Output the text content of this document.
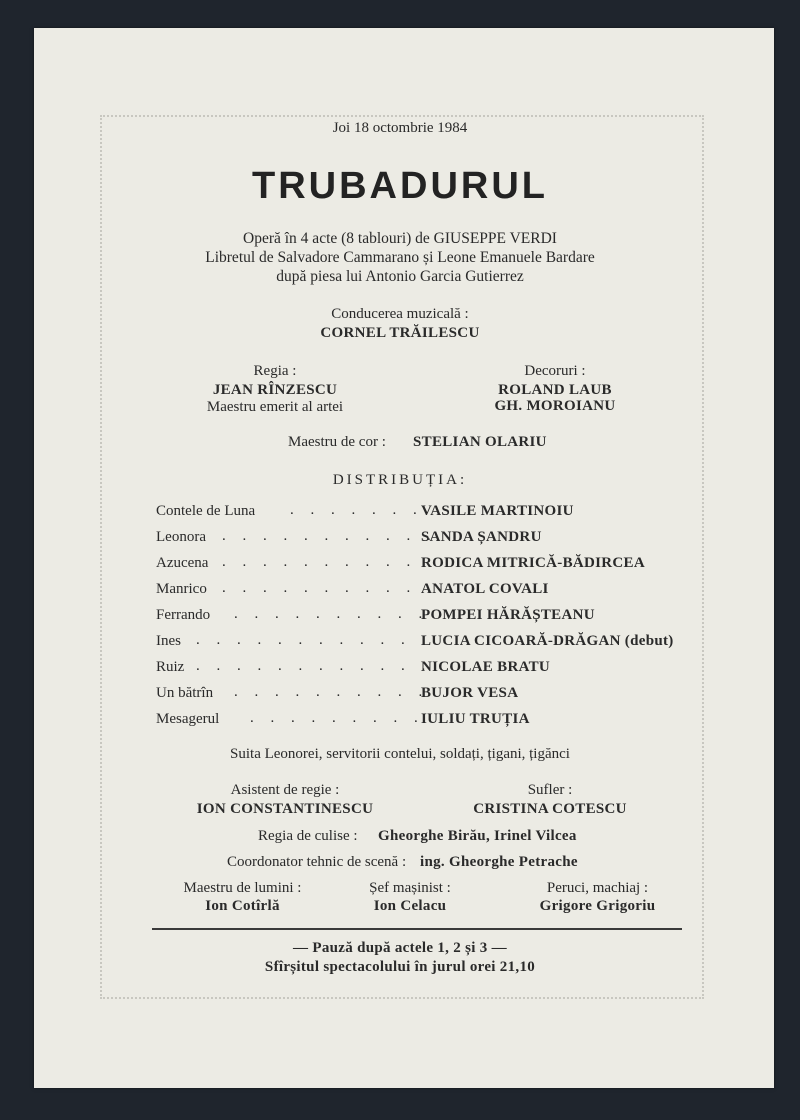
Joi 18 octombrie 1984
TRUBADURUL
Operă în 4 acte (8 tablouri) de GIUSEPPE VERDI
Libretul de Salvadore Cammarano și Leone Emanuele Bardare
după piesa lui Antonio Garcia Gutierrez
Conducerea muzicală :
CORNEL TRĂILESCU
Regia :
JEAN RÎNZESCU
Maestru emerit al artei
Decoruri :
ROLAND LAUB
GH. MOROIANU
Maestru de cor : STELIAN OLARIU
DISTRIBUȚIA:
Contele de Luna . . . . . . .
VASILE MARTINOIU
Leonora . . . . . . . . . . .
SANDA ȘANDRU
Azucena . . . . . . . . . . .
RODICA MITRICĂ-BĂDIRCEA
Manrico . . . . . . . . . . .
ANATOL COVALI
Ferrando . . . . . . . . . .
POMPEI HĂRĂȘTEANU
Ines . . . . . . . . . . . .
LUCIA CICOARĂ-DRĂGAN (debut)
Ruiz . . . . . . . . . . . .
NICOLAE BRATU
Un bătrîn . . . . . . . . . .
BUJOR VESA
Mesagerul . . . . . . . . .
IULIU TRUȚIA
Suita Leonorei, servitorii contelui, soldați, țigani, țigănci
Asistent de regie :
ION CONSTANTINESCU
Sufler :
CRISTINA COTESCU
Regia de culise : Gheorghe Birău, Irinel Vilcea
Coordonator tehnic de scenă : ing. Gheorghe Petrache
Maestru de lumini :
Ion Cotîrlă
Șef mașinist :
Ion Celacu
Peruci, machiaj :
Grigore Grigoriu
— Pauză după actele 1, 2 și 3 —
Sfîrșitul spectacolului în jurul orei 21,10
